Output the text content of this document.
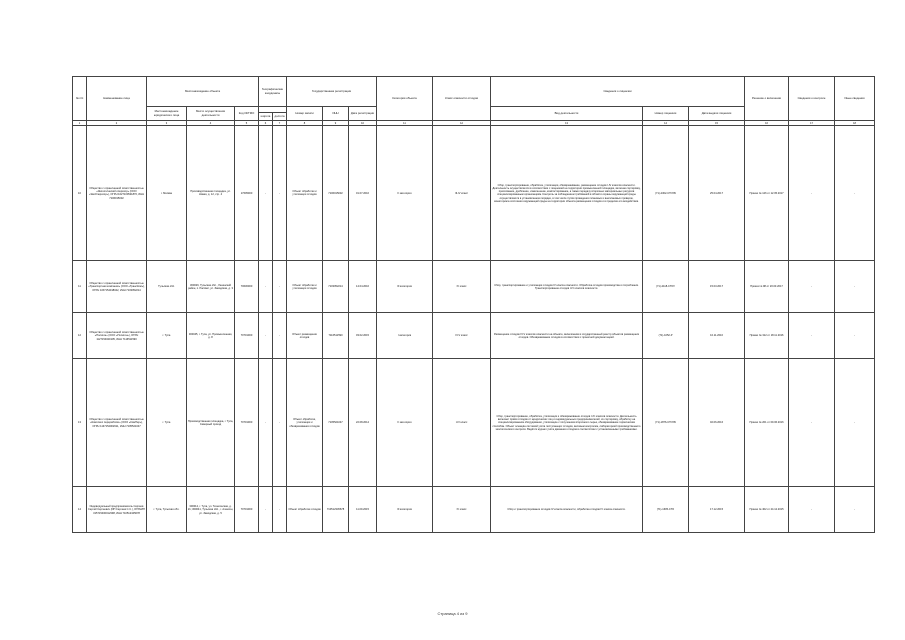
№ п/п	Наименование лица	Местонахождение объекта			Географические координаты		Государственная регистрация			Категория объекта	Класс опасности отходов	Сведения о лицензии			Решение о включении	Сведения о контроле	Иные сведения
		Местонахождение юридического лица	Место осуществления деятельности	Код ОКТМО			Номер записи	ИНН	Дата регистрации			Вид деятельности	Номер лицензии	Дата выдачи лицензии			
					широта	долгота											
1	2	3	4	5	6	7	8	9	10	11	12	13	14	15	16	17	18
10	Общество с ограниченной ответственностью «Экологический оператор» (ООО «ЭкоОператор»), ОГРН 1027100521870, ИНН 7106015032	г. Москва	Производственная площадка, ул. Новая, д. 12, стр. 4	17605000	-	-	Объект обработки и утилизации отходов	7106015032	01.07.2016	II категория	III-IV класс	Сбор, транспортирование, обработка, утилизация, обезвреживание, размещение отходов I-IV классов опасности. Деятельность осуществляется в соответствии с лицензией на территории промышленной площадки, включая сортировку, прессование, дробление, измельчение, компостирование, а также передачу вторичных материальных ресурсов специализированным организациям. Контроль за соблюдением требований в области охраны окружающей среды осуществляется в установленном порядке, в том числе путём проведения плановых и внеплановых проверок, мониторинга состояния окружающей среды на территории объекта размещения отходов и в пределах его воздействия.	(71)-2302-СТОУБ	25.04.2017	Приказ № 126 от 12.05.2017	-	-
11	Общество с ограниченной ответственностью «Транспортная компания» (ООО «ТрансКом»), ОГРН 1157154018042, ИНН 7103052214	Тульская обл.	300026, Тульская обл., Ленинский район, п. Рассвет, ул. Заводская, д. 3	70630000	-	-	Объект обработки и утилизации отходов	7103052214	14.04.2016	III категория	IV класс	Сбор, транспортирование и утилизация отходов IV класса опасности. Обработка отходов производства и потребления. Транспортирование отходов I-IV классов опасности.	(71)-2118-СТОУ	15.03.2017	Приказ № 98 от 20.03.2017	-	-
12	Общество с ограниченной ответственностью «Полигон» (ООО «Полигон»), ОГРН 1127154021905, ИНН 7116511590	г. Тула	300045, г. Тула, ул. Промышленная, д. 8	70701000	-	-	Объект размещения отходов	7116511590	03.02.2015	I категория	IV-V класс	Размещение отходов IV-V классов опасности на объекте, включённом в государственный реестр объектов размещения отходов. Обезвреживание отходов в соответствии с проектной документацией.	(71)-1052-Р	10.11.2016	Приказ № 312 от 18.11.2016	-	-
13	Общество с ограниченной ответственностью «Комплекс переработки» (ООО «КомПер»), ОГРН 1137154002611, ИНН 7105521047	г. Тула	Производственная площадка, г. Тула, Северный проезд	70701000	-	-	Объект обработки, утилизации и обезвреживания отходов	7105521047	22.08.2014	II категория	I-IV класс	Сбор, транспортирование, обработка, утилизация и обезвреживание отходов I-IV классов опасности. Деятельность включает приём отходов от юридических лиц и индивидуальных предпринимателей, их сортировку, обработку на специализированном оборудовании, утилизацию с получением вторичного сырья, обезвреживание термическим способом. Объект оснащён системой учёта поступающих отходов, весовым контролем, лабораторией производственного экологического контроля. Ведётся журнал учёта движения отходов в соответствии с установленными требованиями.	(71)-1876-СТОУБ	02.06.2016	Приказ № 201 от 09.06.2016	-	-
14	Индивидуальный предприниматель Сергеев Сергей Сергеевич (ИП Сергеев С.С.), ОГРНИП 315715400012398, ИНН 710512345678	г. Тула, Тульская обл.	300012, г. Тула, ул. Техническая, д. 21; 300041, Тульская обл., г. Алексин, ул. Заводская, д. 5	70701000	-	-	Объект обработки отходов	710512345678	11.09.2015	III категория	IV класс	Сбор и транспортирование отходов IV класса опасности, обработка отходов IV класса опасности.	(71)-1605-СТО	17.12.2015	Приказ № 402 от 24.12.2015	-	-
Страница 4 из 9
